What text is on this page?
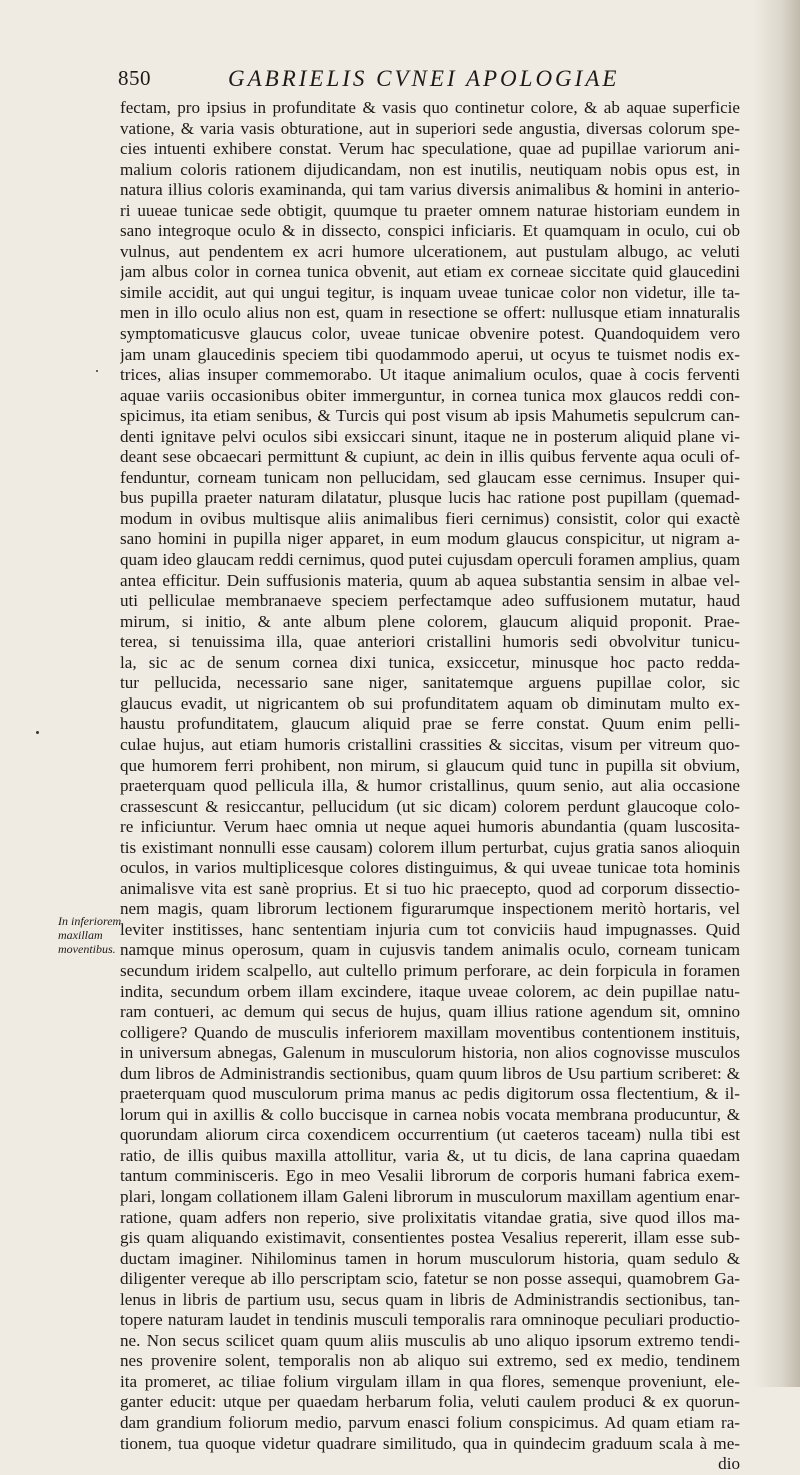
850	GABRIELIS CVNEI APOLOGIAE
In inferiorem
maxillam
moventibus.
fectam, pro ipsius in profunditate & vasis quo continetur colore, & ab aquae superficie
vatione, & varia vasis obturatione, aut in superiori sede angustia, diversas colorum spe-
cies intuenti exhibere constat. Verum hac speculatione, quae ad pupillae variorum ani-
malium coloris rationem dijudicandam, non est inutilis, neutiquam nobis opus est, in
natura illius coloris examinanda, qui tam varius diversis animalibus & homini in anterio-
ri uueae tunicae sede obtigit, quumque tu praeter omnem naturae historiam eundem in
sano integroque oculo & in dissecto, conspici inficiaris. Et quamquam in oculo, cui ob
vulnus, aut pendentem ex acri humore ulcerationem, aut pustulam albugo, ac veluti
jam albus color in cornea tunica obvenit, aut etiam ex corneae siccitate quid glaucedini
simile accidit, aut qui ungui tegitur, is inquam uveae tunicae color non videtur, ille ta-
men in illo oculo alius non est, quam in resectione se offert: nullusque etiam innaturalis
symptomaticusve glaucus color, uveae tunicae obvenire potest. Quandoquidem vero
jam unam glaucedinis speciem tibi quodammodo aperui, ut ocyus te tuismet nodis ex-
trices, alias insuper commemorabo. Ut itaque animalium oculos, quae à cocis ferventi
aquae variis occasionibus obiter immerguntur, in cornea tunica mox glaucos reddi con-
spicimus, ita etiam senibus, & Turcis qui post visum ab ipsis Mahumetis sepulcrum can-
denti ignitave pelvi oculos sibi exsiccari sinunt, itaque ne in posterum aliquid plane vi-
deant sese obcaecari permittunt & cupiunt, ac dein in illis quibus fervente aqua oculi of-
fenduntur, corneam tunicam non pellucidam, sed glaucam esse cernimus. Insuper qui-
bus pupilla praeter naturam dilatatur, plusque lucis hac ratione post pupillam (quemad-
modum in ovibus multisque aliis animalibus fieri cernimus) consistit, color qui exactè
sano homini in pupilla niger apparet, in eum modum glaucus conspicitur, ut nigram a-
quam ideo glaucam reddi cernimus, quod putei cujusdam operculi foramen amplius, quam
antea efficitur. Dein suffusionis materia, quum ab aquea substantia sensim in albae vel-
uti pelliculae membranaeve speciem perfectamque adeo suffusionem mutatur, haud
mirum, si initio, & ante album plene colorem, glaucum aliquid proponit. Prae-
terea, si tenuissima illa, quae anteriori cristallini humoris sedi obvolvitur tunicu-
la, sic ac de senum cornea dixi tunica, exsiccetur, minusque hoc pacto redda-
tur pellucida, necessario sane niger, sanitatemque arguens pupillae color, sic
glaucus evadit, ut nigricantem ob sui profunditatem aquam ob diminutam multo ex-
haustu profunditatem, glaucum aliquid prae se ferre constat. Quum enim pelli-
culae hujus, aut etiam humoris cristallini crassities & siccitas, visum per vitreum quo-
que humorem ferri prohibent, non mirum, si glaucum quid tunc in pupilla sit obvium,
praeterquam quod pellicula illa, & humor cristallinus, quum senio, aut alia occasione
crassescunt & resiccantur, pellucidum (ut sic dicam) colorem perdunt glaucoque colo-
re inficiuntur. Verum haec omnia ut neque aquei humoris abundantia (quam luscosita-
tis existimant nonnulli esse causam) colorem illum perturbat, cujus gratia sanos alioquin
oculos, in varios multiplicesque colores distinguimus, & qui uveae tunicae tota hominis
animalisve vita est sanè proprius. Et si tuo hic praecepto, quod ad corporum dissectio-
nem magis, quam librorum lectionem figurarumque inspectionem meritò hortaris, vel
leviter institisses, hanc sententiam injuria cum tot conviciis haud impugnasses. Quid
namque minus operosum, quam in cujusvis tandem animalis oculo, corneam tunicam
secundum iridem scalpello, aut cultello primum perforare, ac dein forpicula in foramen
indita, secundum orbem illam excindere, itaque uveae colorem, ac dein pupillae natu-
ram contueri, ac demum qui secus de hujus, quam illius ratione agendum sit, omnino
colligere? Quando de musculis inferiorem maxillam moventibus contentionem instituis,
in universum abnegas, Galenum in musculorum historia, non alios cognovisse musculos
dum libros de Administrandis sectionibus, quam quum libros de Usu partium scriberet: &
praeterquam quod musculorum prima manus ac pedis digitorum ossa flectentium, & il-
lorum qui in axillis & collo buccisque in carnea nobis vocata membrana producuntur, &
quorundam aliorum circa coxendicem occurrentium (ut caeteros taceam) nulla tibi est
ratio, de illis quibus maxilla attollitur, varia &, ut tu dicis, de lana caprina quaedam
tantum comminisceris. Ego in meo Vesalii librorum de corporis humani fabrica exem-
plari, longam collationem illam Galeni librorum in musculorum maxillam agentium enar-
ratione, quam adfers non reperio, sive prolixitatis vitandae gratia, sive quod illos ma-
gis quam aliquando existimavit, consentientes postea Vesalius repererit, illam esse sub-
ductam imaginer. Nihilominus tamen in horum musculorum historia, quam sedulo &
diligenter vereque ab illo perscriptam scio, fatetur se non posse assequi, quamobrem Ga-
lenus in libris de partium usu, secus quam in libris de Administrandis sectionibus, tan-
topere naturam laudet in tendinis musculi temporalis rara omninoque peculiari productio-
ne. Non secus scilicet quam quum aliis musculis ab uno aliquo ipsorum extremo tendi-
nes provenire solent, temporalis non ab aliquo sui extremo, sed ex medio, tendinem
ita promeret, ac tiliae folium virgulam illam in qua flores, semenque proveniunt, ele-
ganter educit: utque per quaedam herbarum folia, veluti caulem produci & ex quorun-
dam grandium foliorum medio, parvum enasci folium conspicimus. Ad quam etiam ra-
tionem, tua quoque videtur quadrare similitudo, qua in quindecim graduum scala à me-
dio
